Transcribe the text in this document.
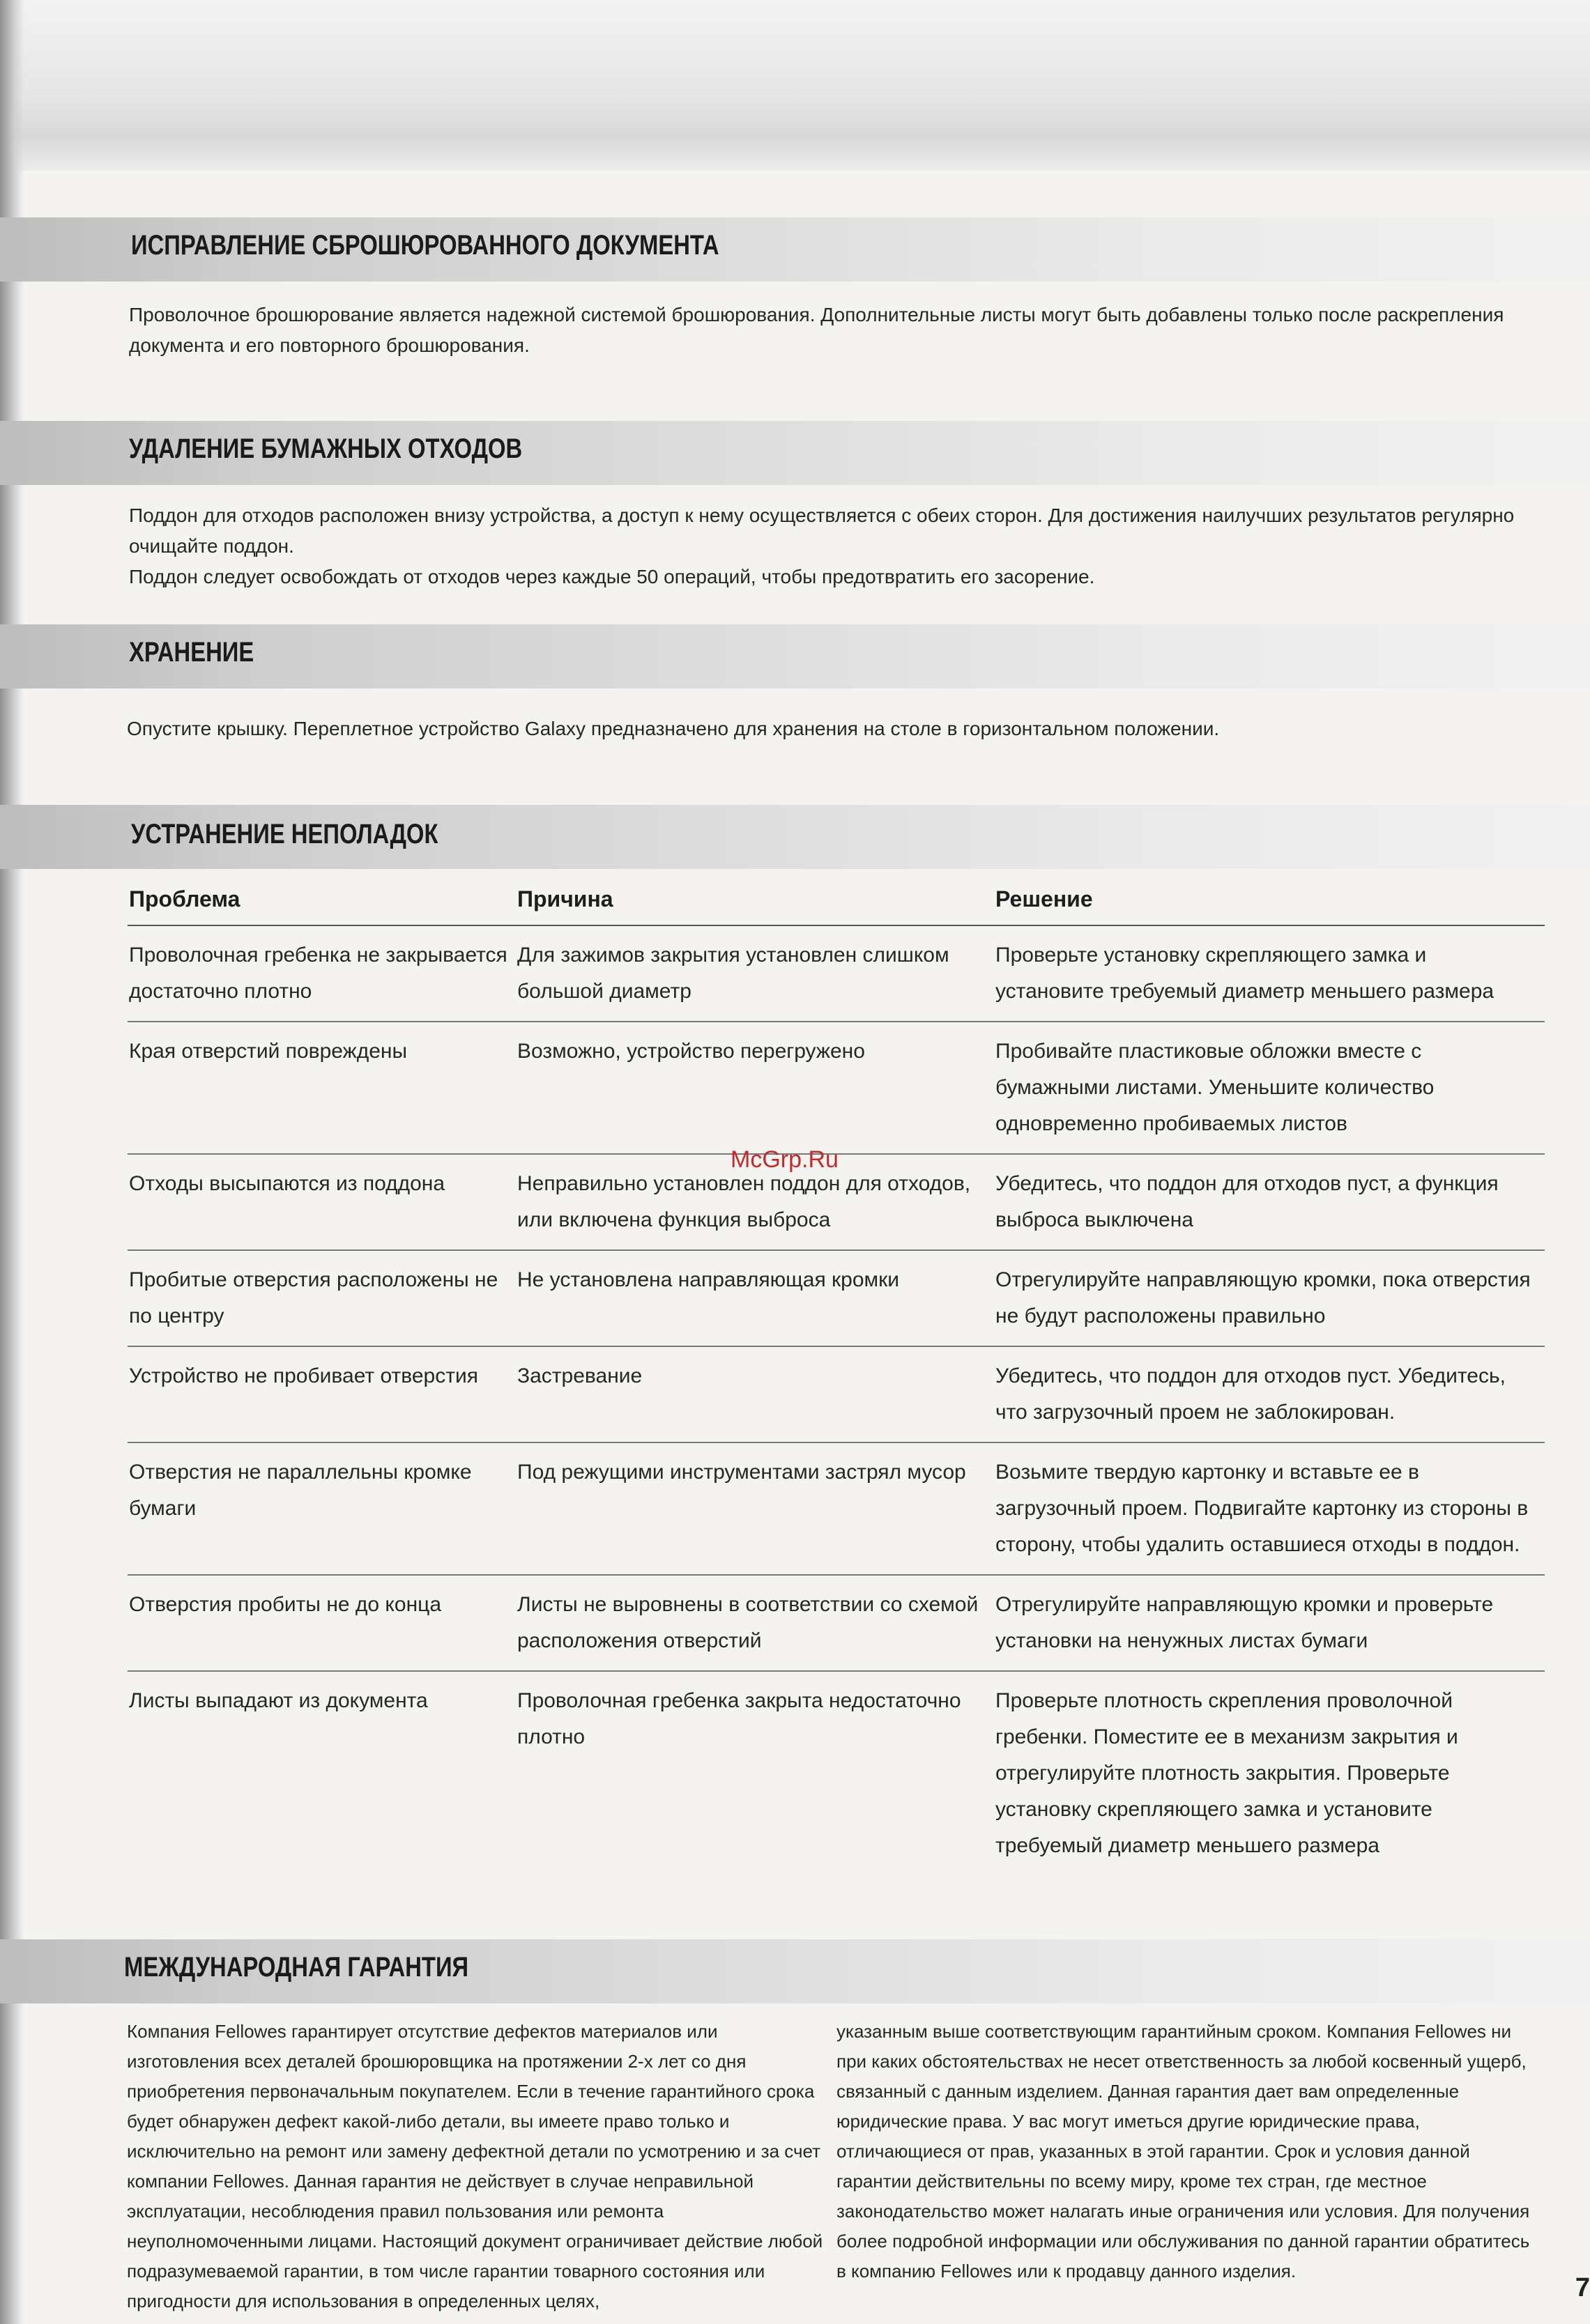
ИСПРАВЛЕНИЕ СБРОШЮРОВАННОГО ДОКУМЕНТА

Проволочное брошюрование является надежной системой брошюрования. Дополнительные листы могут быть добавлены только после раскрепления документа и его повторного брошюрования.

УДАЛЕНИЕ БУМАЖНЫХ ОТХОДОВ

Поддон для отходов расположен внизу устройства, а доступ к нему осуществляется с обеих сторон. Для достижения наилучших результатов регулярно очищайте поддон.

Поддон следует освобождать от отходов через каждые 50 операций, чтобы предотвратить его засорение.

ХРАНЕНИЕ

Опустите крышку. Переплетное устройство Galaxy предназначено для хранения на столе в горизонтальном положении.

УСТРАНЕНИЕ НЕПОЛАДОК
Проблема	Причина	Решение
Проволочная гребенка не закрывается достаточно плотно	Для зажимов закрытия установлен слишком большой диаметр	Проверьте установку скрепляющего замка и установите требуемый диаметр меньшего размера
Края отверстий повреждены	Возможно, устройство перегружено	Пробивайте пластиковые обложки вместе с бумажными листами. Уменьшите количество одновременно пробиваемых листов
Отходы высыпаются из поддона	Неправильно установлен поддон для отходов, или включена функция выброса	Убедитесь, что поддон для отходов пуст, а функция выброса выключена
Пробитые отверстия расположены не по центру	Не установлена направляющая кромки	Отрегулируйте направляющую кромки, пока отверстия не будут расположены правильно
Устройство не пробивает отверстия	Застревание	Убедитесь, что поддон для отходов пуст. Убедитесь, что загрузочный проем не заблокирован.
Отверстия не параллельны кромке бумаги	Под режущими инструментами застрял мусор	Возьмите твердую картонку и вставьте ее в загрузочный проем. Подвигайте картонку из стороны в сторону, чтобы удалить оставшиеся отходы в поддон.
Отверстия пробиты не до конца	Листы не выровнены в соответствии со схемой расположения отверстий	Отрегулируйте направляющую кромки и проверьте установки на ненужных листах бумаги
Листы выпадают из документа	Проволочная гребенка закрыта недостаточно плотно	Проверьте плотность скрепления проволочной гребенки. Поместите ее в механизм закрытия и отрегулируйте плотность закрытия. Проверьте установку скрепляющего замка и установите требуемый диаметр меньшего размера
McGrp.Ru
МЕЖДУНАРОДНАЯ ГАРАНТИЯ
Компания Fellowes гарантирует отсутствие дефектов материалов или изготовления всех деталей брошюровщика на протяжении 2-х лет со дня приобретения первоначальным покупателем. Если в течение гарантийного срока будет обнаружен дефект какой-либо детали, вы имеете право только и исключительно на ремонт или замену дефектной детали по усмотрению и за счет компании Fellowes. Данная гарантия не действует в случае неправильной эксплуатации, несоблюдения правил пользования или ремонта неуполномоченными лицами. Настоящий документ ограничивает действие любой подразумеваемой гарантии, в том числе гарантии товарного состояния или пригодности для использования в определенных целях,
указанным выше соответствующим гарантийным сроком. Компания Fellowes ни при каких обстоятельствах не несет ответственность за любой косвенный ущерб, связанный с данным изделием. Данная гарантия дает вам определенные юридические права. У вас могут иметься другие юридические права, отличающиеся от прав, указанных в этой гарантии. Срок и условия данной гарантии действительны по всему миру, кроме тех стран, где местное законодательство может налагать иные ограничения или условия. Для получения более подробной информации или обслуживания по данной гарантии обратитесь в компанию Fellowes или к продавцу данного изделия.
7
